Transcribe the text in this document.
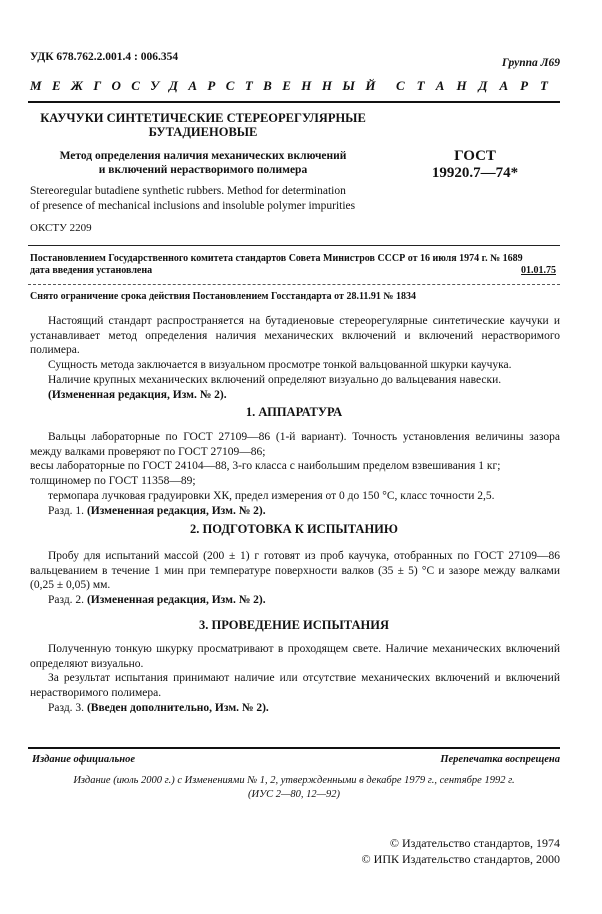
УДК 678.762.2.001.4 : 006.354	Группа Л69
МЕЖГОСУДАРСТВЕННЫЙ СТАНДАРТ
КАУЧУКИ СИНТЕТИЧЕСКИЕ СТЕРЕОРЕГУЛЯРНЫЕ
БУТАДИЕНОВЫЕ
Метод определения наличия механических включений
и включений нерастворимого полимера
ГОСТ
19920.7—74*
Stereoregular butadiene synthetic rubbers. Method for determination
of presence of mechanical inclusions and insoluble polymer impurities
ОКСТУ 2209
Постановлением Государственного комитета стандартов Совета Министров СССР от 16 июля 1974 г. № 1689
дата введения установлена	01.01.75
Снято ограничение срока действия Постановлением Госстандарта от 28.11.91 № 1834

Настоящий стандарт распространяется на бутадиеновые стереорегулярные синтетические каучуки и устанавливает метод определения наличия механических включений и включений нерастворимого полимера.

Сущность метода заключается в визуальном просмотре тонкой вальцованной шкурки каучука.

Наличие крупных механических включений определяют визуально до вальцевания навески.

(Измененная редакция, Изм. № 2).

1. АППАРАТУРА

Вальцы лабораторные по ГОСТ 27109—86 (1-й вариант). Точность установления величины зазора между валками проверяют по ГОСТ 27109—86;

весы лабораторные по ГОСТ 24104—88, 3-го класса с наибольшим пределом взвешивания 1 кг;

толщиномер по ГОСТ 11358—89;

термопара лучковая градуировки ХК, предел измерения от 0 до 150 °С, класс точности 2,5.

Разд. 1. (Измененная редакция, Изм. № 2).

2. ПОДГОТОВКА К ИСПЫТАНИЮ

Пробу для испытаний массой (200 ± 1) г готовят из проб каучука, отобранных по ГОСТ 27109—86 вальцеванием в течение 1 мин при температуре поверхности валков (35 ± 5) °С и зазоре между валками (0,25 ± 0,05) мм.

Разд. 2. (Измененная редакция, Изм. № 2).

3. ПРОВЕДЕНИЕ ИСПЫТАНИЯ

Полученную тонкую шкурку просматривают в проходящем свете. Наличие механических включений определяют визуально.

За результат испытания принимают наличие или отсутствие механических включений и включений нерастворимого полимера.

Разд. 3. (Введен дополнительно, Изм. № 2).

Издание официальное	Перепечатка воспрещена
Издание (июль 2000 г.) с Изменениями № 1, 2, утвержденными в декабре 1979 г., сентябре 1992 г.
(ИУС 2—80, 12—92)
© Издательство стандартов, 1974
© ИПК Издательство стандартов, 2000
